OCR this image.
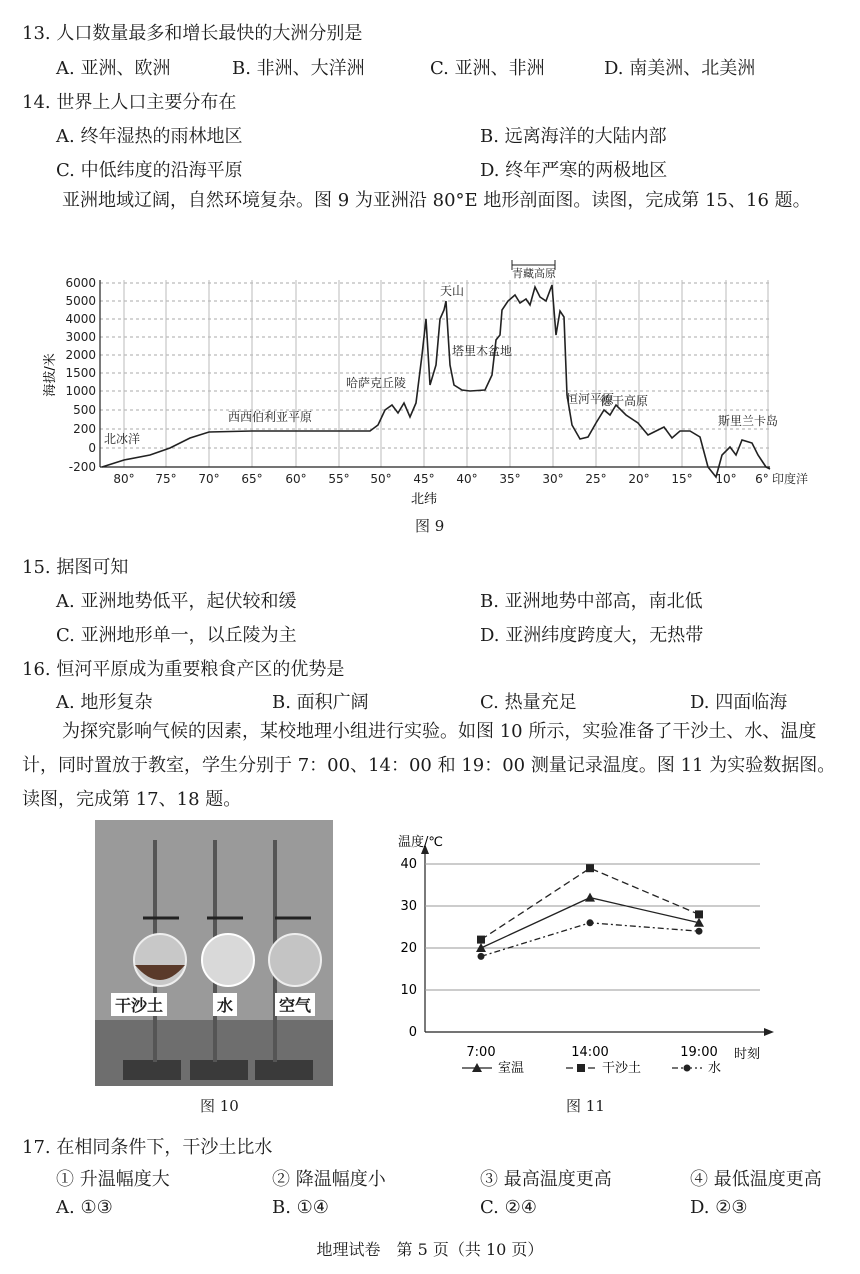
13. 人口数量最多和增长最快的大洲分别是
A. 亚洲、欧洲	B. 非洲、大洋洲	C. 亚洲、非洲	D. 南美洲、北美洲
14. 世界上人口主要分布在
A. 终年湿热的雨林地区	B. 远离海洋的大陆内部
C. 中低纬度的沿海平原	D. 终年严寒的两极地区
亚洲地域辽阔，自然环境复杂。图 9 为亚洲沿 80°E 地形剖面图。读图，完成第 15、16 题。
6000
5000
4000
3000
2000
1500
1000
500
200
0
-200
海拔/米
80° 75° 70° 65° 60° 55° 50° 45° 40° 35° 30° 25° 20° 15° 10° 6°
北纬
北冰洋
西西伯利亚平原
哈萨克丘陵
天山
塔里木盆地
青藏高原
恒河平原
德干高原
斯里兰卡岛
印度洋
图 9
15. 据图可知
A. 亚洲地势低平，起伏较和缓	B. 亚洲地势中部高，南北低
C. 亚洲地形单一，以丘陵为主	D. 亚洲纬度跨度大，无热带
16. 恒河平原成为重要粮食产区的优势是
A. 地形复杂	B. 面积广阔	C. 热量充足	D. 四面临海
为探究影响气候的因素，某校地理小组进行实验。如图 10 所示，实验准备了干沙土、水、温度计，同时置放于教室，学生分别于 7：00、14：00 和 19：00 测量记录温度。图 11 为实验数据图。读图，完成第 17、18 题。
干沙土	水	空气
图 10
温度/℃
时刻
0
10
20
30
40
7:00	14:00	19:00
室温	干沙土	水
图 11
17. 在相同条件下，干沙土比水
① 升温幅度大	② 降温幅度小	③ 最高温度更高	④ 最低温度更高
A. ①③	B. ①④	C. ②④	D. ②③
地理试卷　第 5 页（共 10 页）
